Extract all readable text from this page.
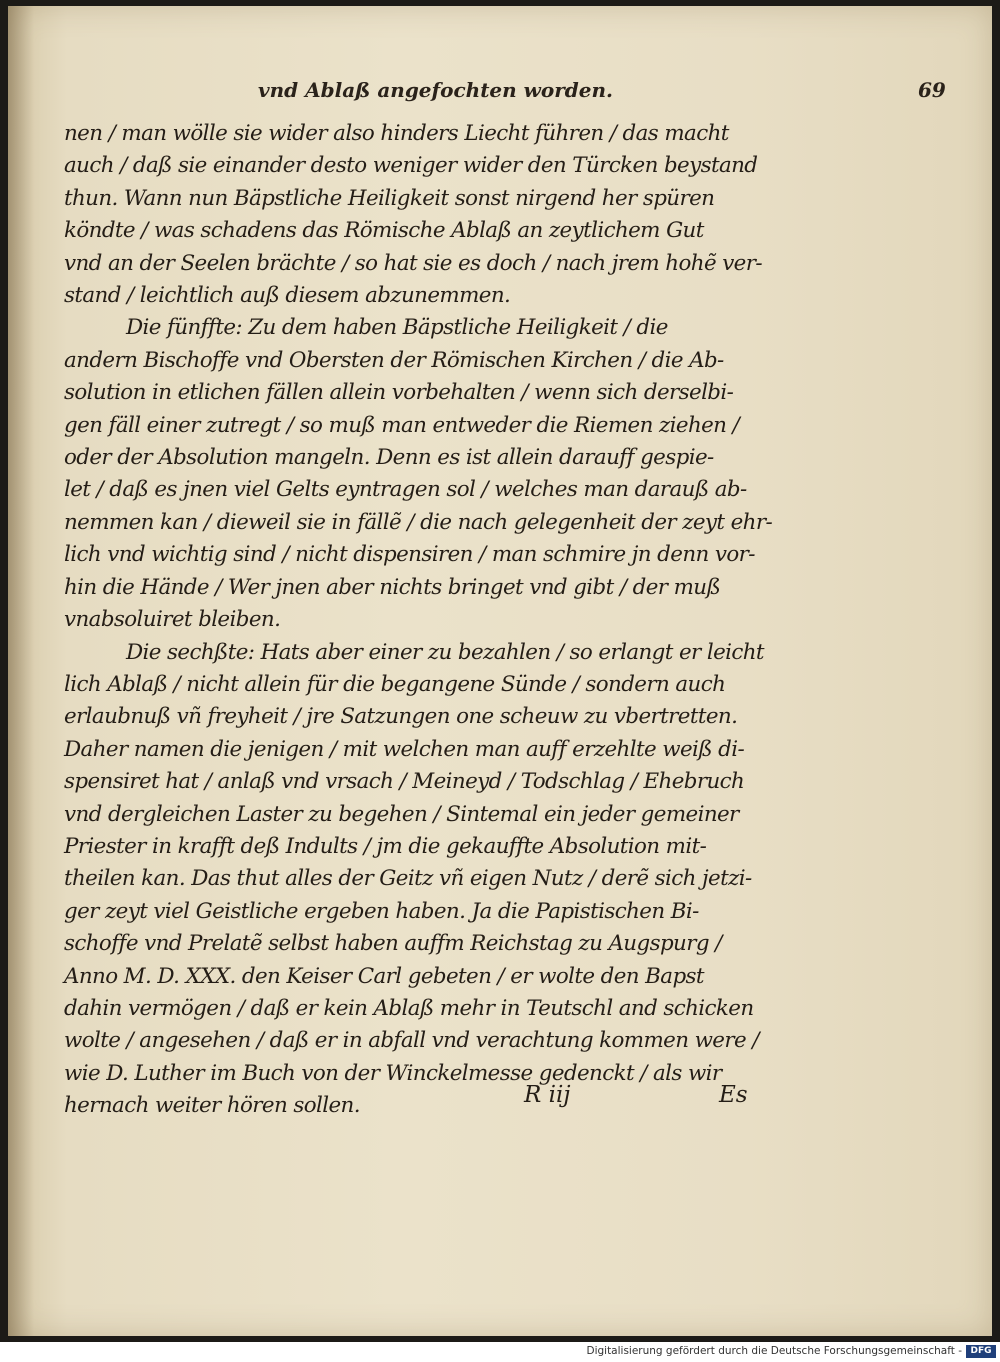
vnd Ablaß angefochten worden.	69
nen / man wölle sie wider also hinders Liecht führen / das macht
auch / daß sie einander desto weniger wider den Türcken beystand
thun. Wann nun Bäpstliche Heiligkeit sonst nirgend her spüren
köndte / was schadens das Römische Ablaß an zeytlichem Gut
vnd an der Seelen brächte / so hat sie es doch / nach jrem hohẽ ver-
stand / leichtlich auß diesem abzunemmen.
Die fünffte: Zu dem haben Bäpstliche Heiligkeit / die
andern Bischoffe vnd Obersten der Römischen Kirchen / die Ab-
solution in etlichen fällen allein vorbehalten / wenn sich derselbi-
gen fäll einer zutregt / so muß man entweder die Riemen ziehen /
oder der Absolution mangeln. Denn es ist allein darauff gespie-
let / daß es jnen viel Gelts eyntragen sol / welches man darauß ab-
nemmen kan / dieweil sie in fällẽ / die nach gelegenheit der zeyt ehr-
lich vnd wichtig sind / nicht dispensiren / man schmire jn denn vor-
hin die Hände / Wer jnen aber nichts bringet vnd gibt / der muß
vnabsoluiret bleiben.
Die sechßte: Hats aber einer zu bezahlen / so erlangt er leicht
lich Ablaß / nicht allein für die begangene Sünde / sondern auch
erlaubnuß vñ freyheit / jre Satzungen one scheuw zu vbertretten.
Daher namen die jenigen / mit welchen man auff erzehlte weiß di-
spensiret hat / anlaß vnd vrsach / Meineyd / Todschlag / Ehebruch
vnd dergleichen Laster zu begehen / Sintemal ein jeder gemeiner
Priester in krafft deß Indults / jm die gekauffte Absolution mit-
theilen kan. Das thut alles der Geitz vñ eigen Nutz / derẽ sich jetzi-
ger zeyt viel Geistliche ergeben haben. Ja die Papistischen Bi-
schoffe vnd Prelatẽ selbst haben auffm Reichstag zu Augspurg /
Anno M. D. XXX. den Keiser Carl gebeten / er wolte den Bapst
dahin vermögen / daß er kein Ablaß mehr in Teutschl and schicken
wolte / angesehen / daß er in abfall vnd verachtung kommen were /
wie D. Luther im Buch von der Winckelmesse gedenckt / als wir
hernach weiter hören sollen.	R iij	Es
Digitalisierung gefördert durch die Deutsche Forschungsgemeinschaft - DFG
